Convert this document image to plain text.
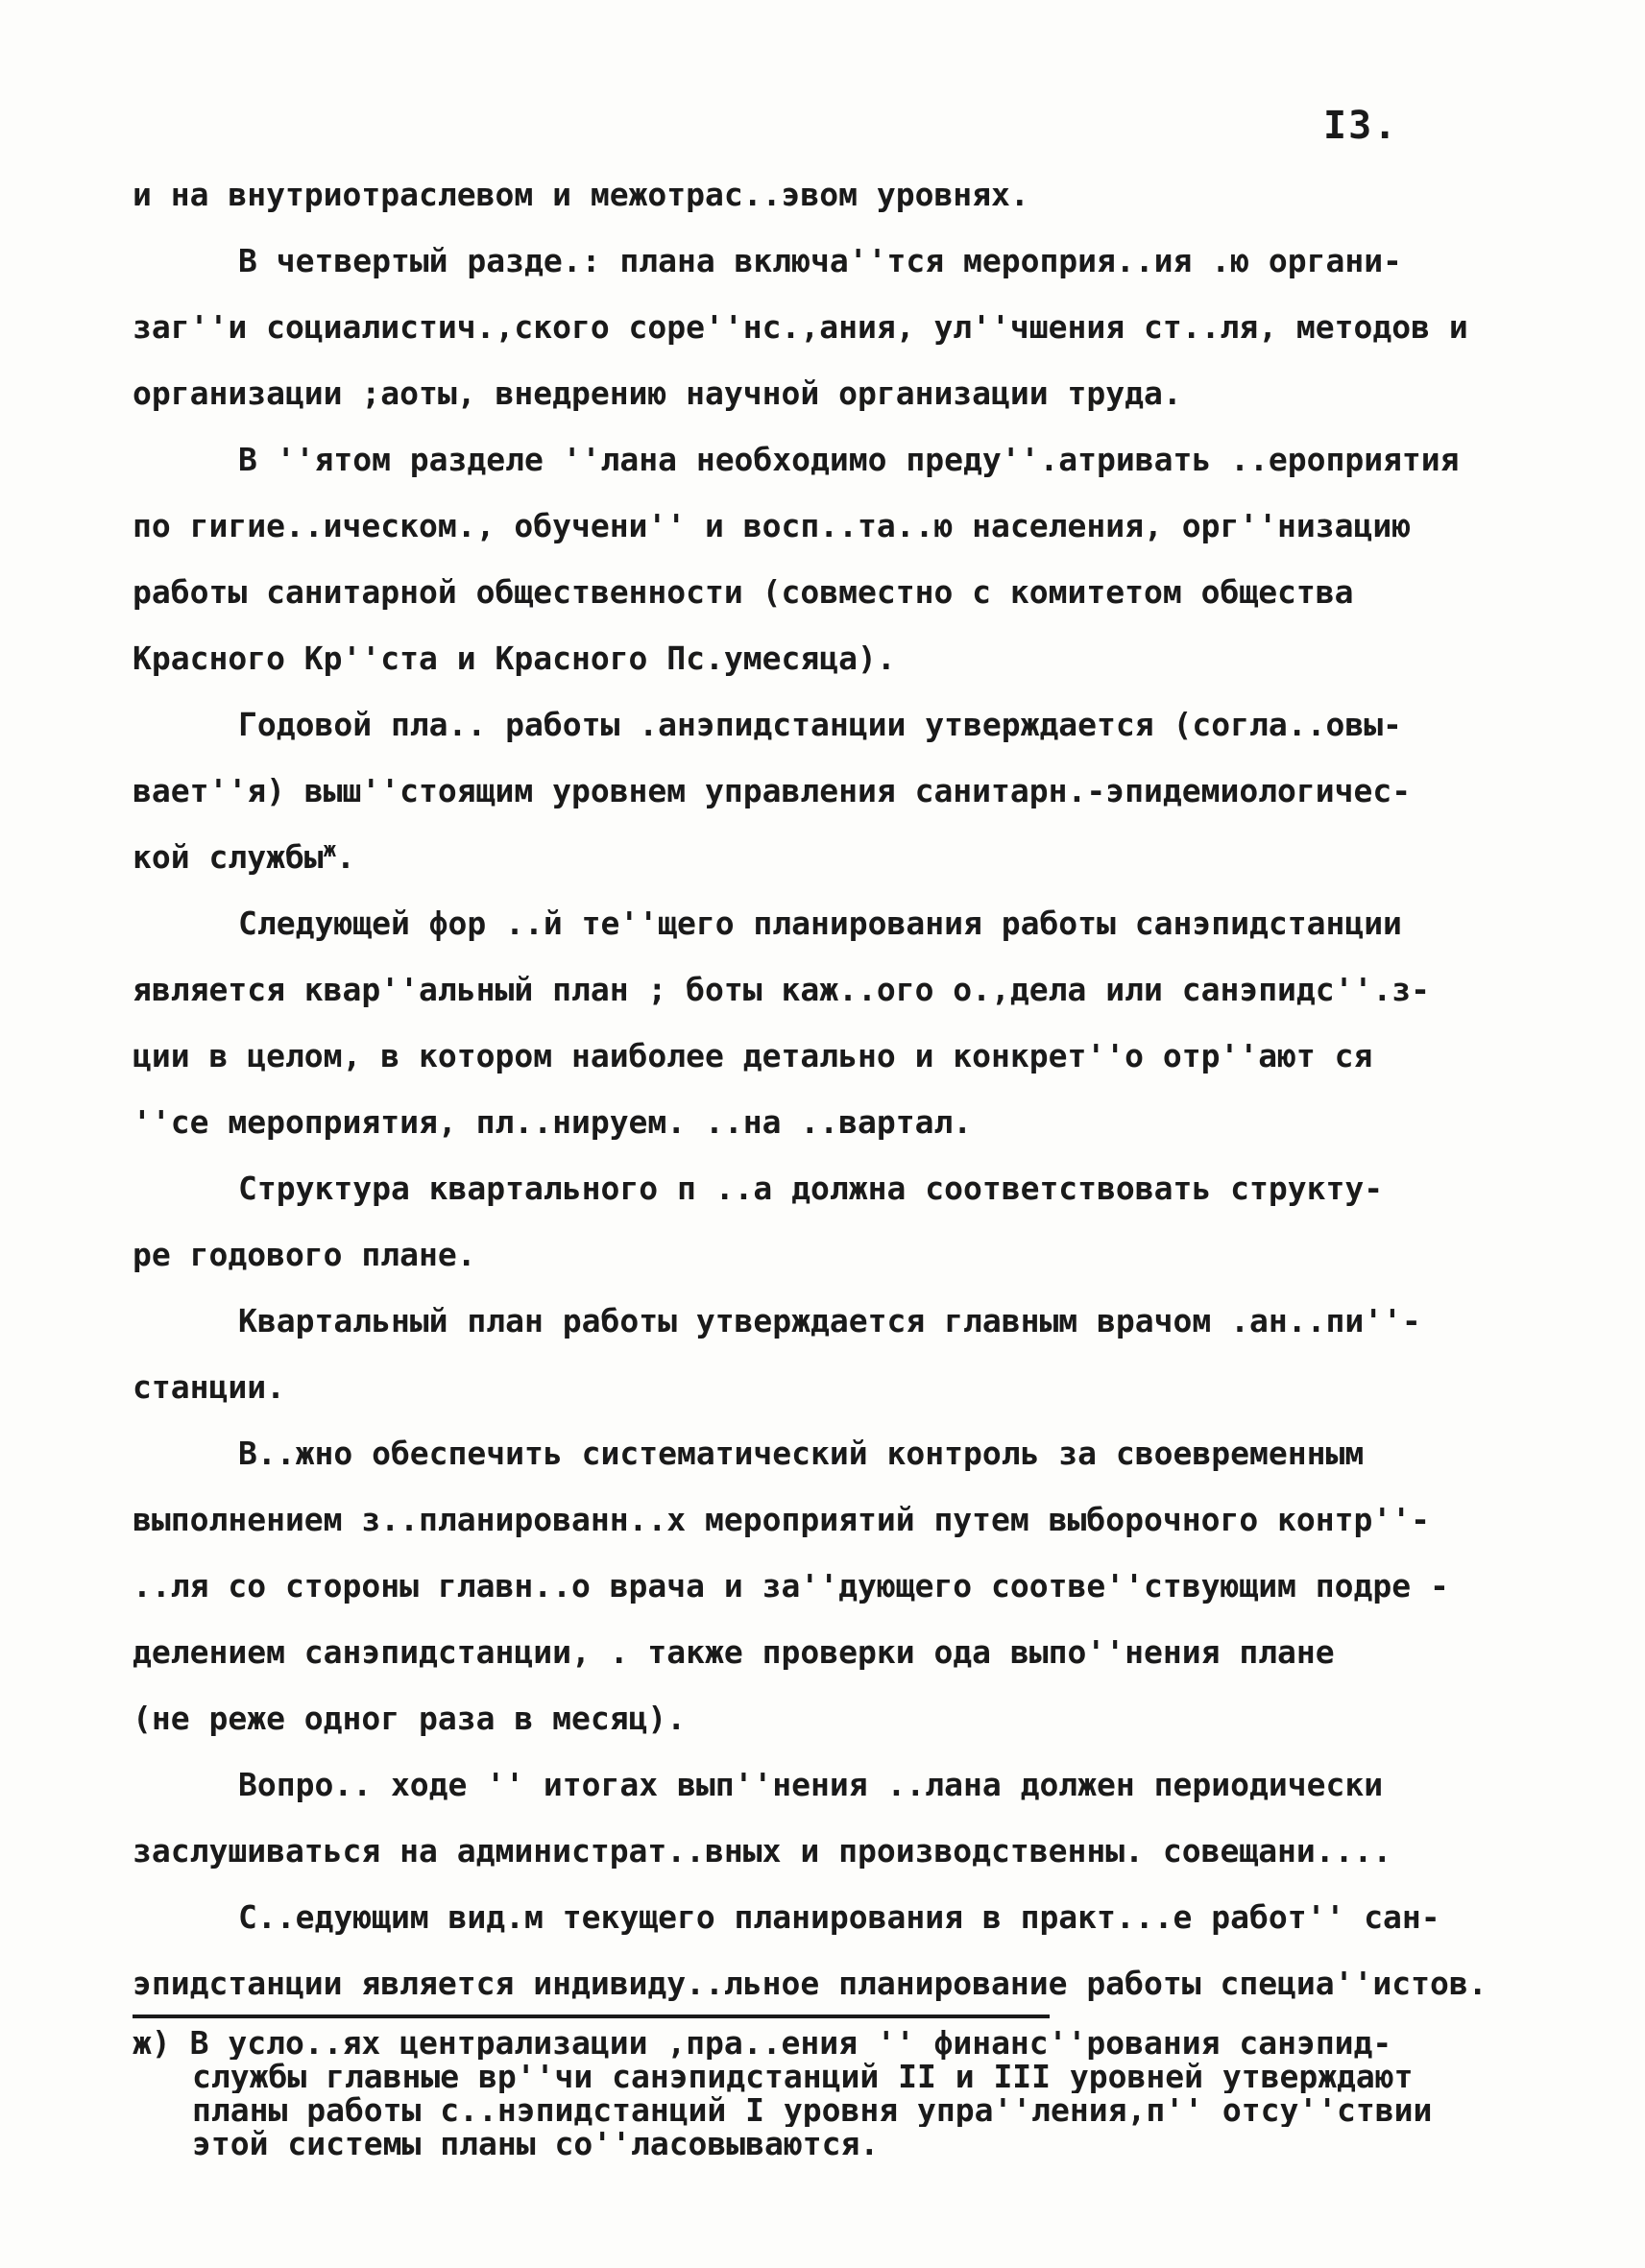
I3.
и на внутриотраслевом и межотрас..эвом уровнях.
В четвертый разде.: плана включа''тся мероприя..ия .ю органи-
заг''и социалистич.,ского соре''нс.,ания, ул''чшения ст..ля, методов и
организации ;аоты, внедрению научной организации труда.
В ''ятом разделе ''лана необходимо преду''.атривать ..ероприятия
по гигиe..ическом., обучени'' и восп..та..ю населения, орг''низацию
работы санитарной общественности (совместно с комитетом общества
Красного Кр''ста и Красного Пс.умесяца).
Годовой пла.. работы .анэпидстанции утверждается (согла..овы-
вает''я) выш''стоящим уровнем управления санитарн.-эпидемиологичес-
кой службы$^ж$.
Следующей фор ..й те''щего планирования работы санэпидстанции
является квар''альный план ; боты каж..ого о.,дела или санэпидс''.з-
ции в целом, в котором наиболее детально и конкрет''о отр''ают ся
''се мероприятия, пл..нируем. ..на ..вартал.
Структура квартального п ..а должна соответствовать структу-
ре годового плане.
Квартальный план работы утверждается главным врачом .ан..пи''-
станции.
В..жно обеспечить систематический контроль за своевременным
выполнением з..планированн..х мероприятий путем выборочного контр''-
..ля со стороны главн..о врача и за''дующего соотве''ствующим подре -
делением санэпидстанции, . также проверки ода выпо''нения плане
(не реже одног раза в месяц).
Вопро.. ходе '' итогах вып''нения ..лана должен периодически
заслушиваться на администрат..вных и производственны. совещани....
С..едующим вид.м текущего планирования в практ...е работ'' сан-
эпидстанции является индивиду..льное планирование работы специа''истов.
ж) В усло..ях централизации ,пра..ения '' финанс''рования санэпид-
службы главные вр''чи санэпидстанций II и III уровней утверждают
планы работы с..нэпидстанций I уровня упра''ления,п'' отсу''ствии
этой системы планы со''ласовываются.
